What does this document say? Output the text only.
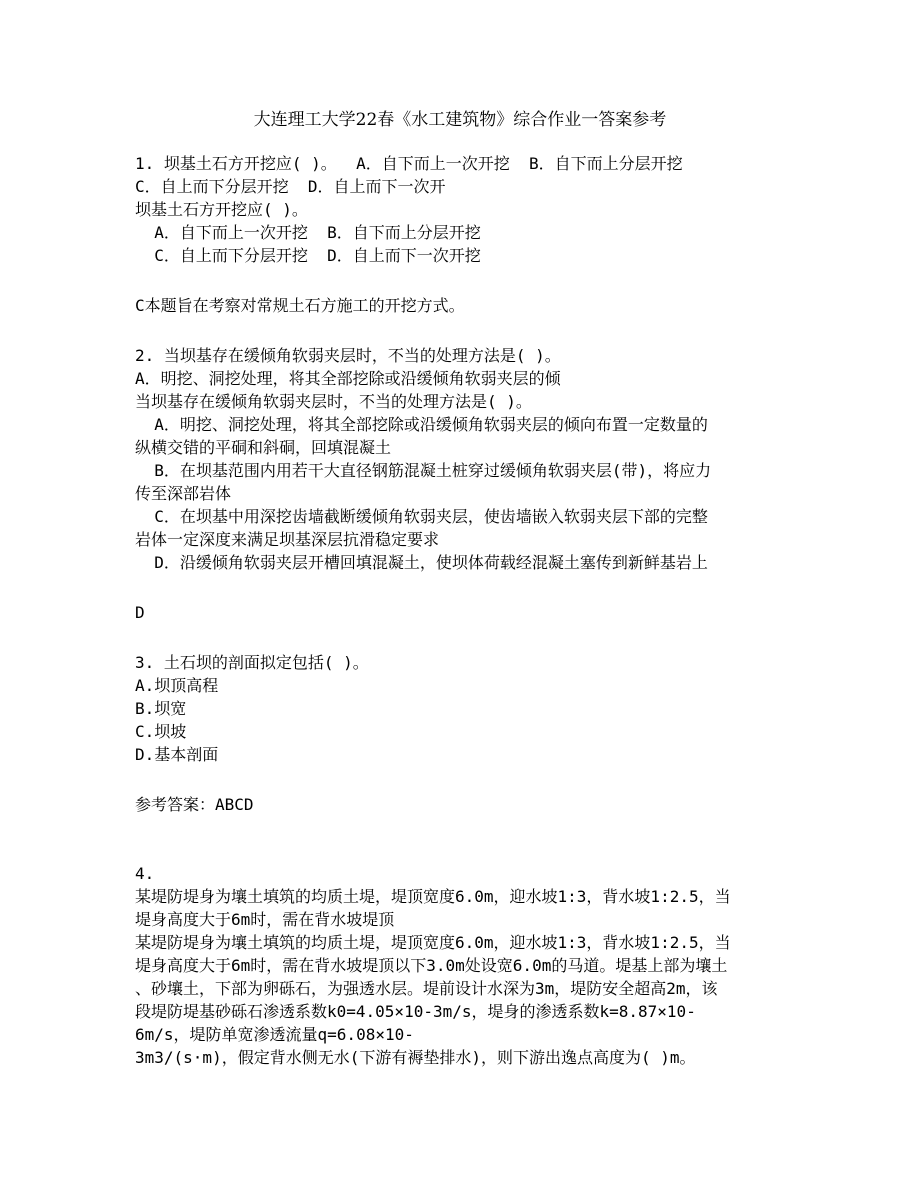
大连理工大学22春《水工建筑物》综合作业一答案参考
1. 坝基土石方开挖应( )。  A．自下而上一次开挖  B．自下而上分层开挖
C．自上而下分层开挖  D．自上而下一次开
坝基土石方开挖应( )。
A．自下而上一次开挖  B．自下而上分层开挖
C．自上而下分层开挖  D．自上而下一次开挖
C本题旨在考察对常规土石方施工的开挖方式。
2. 当坝基存在缓倾角软弱夹层时，不当的处理方法是( )。
A．明挖、洞挖处理，将其全部挖除或沿缓倾角软弱夹层的倾
当坝基存在缓倾角软弱夹层时，不当的处理方法是( )。
A．明挖、洞挖处理，将其全部挖除或沿缓倾角软弱夹层的倾向布置一定数量的
纵横交错的平硐和斜硐，回填混凝土
B．在坝基范围内用若干大直径钢筋混凝土桩穿过缓倾角软弱夹层(带)，将应力
传至深部岩体
C．在坝基中用深挖齿墙截断缓倾角软弱夹层，使齿墙嵌入软弱夹层下部的完整
岩体一定深度来满足坝基深层抗滑稳定要求
D．沿缓倾角软弱夹层开槽回填混凝土，使坝体荷载经混凝土塞传到新鲜基岩上
D
3. 土石坝的剖面拟定包括( )。
A.坝顶高程
B.坝宽
C.坝坡
D.基本剖面
参考答案：ABCD
4.
某堤防堤身为壤土填筑的均质土堤，堤顶宽度6.0m，迎水坡1:3，背水坡1:2.5，当
堤身高度大于6m时，需在背水坡堤顶
某堤防堤身为壤土填筑的均质土堤，堤顶宽度6.0m，迎水坡1:3，背水坡1:2.5，当
堤身高度大于6m时，需在背水坡堤顶以下3.0m处设宽6.0m的马道。堤基上部为壤土
、砂壤土，下部为卵砾石，为强透水层。堤前设计水深为3m，堤防安全超高2m，该
段堤防堤基砂砾石渗透系数k0=4.05×10-3m/s，堤身的渗透系数k=8.87×10-
6m/s，堤防单宽渗透流量q=6.08×10-
3m3/(s·m)，假定背水侧无水(下游有褥垫排水)，则下游出逸点高度为( )m。
